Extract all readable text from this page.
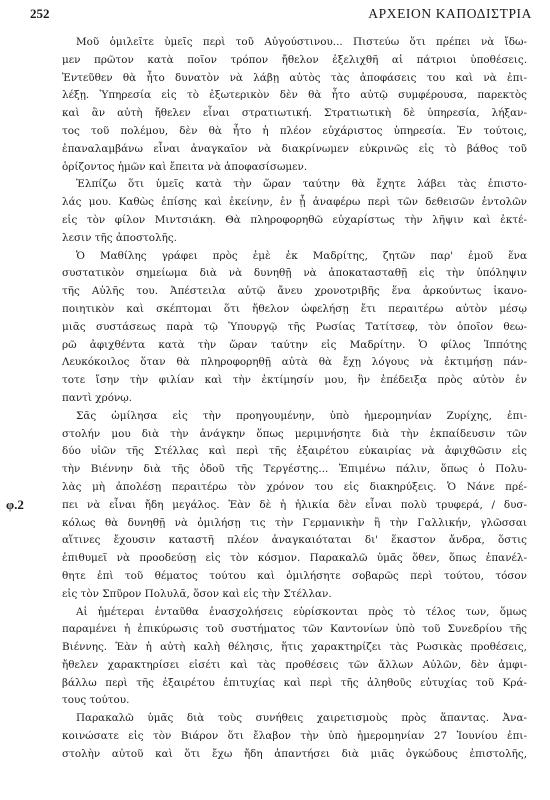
252	ΑΡΧΕΙΟΝ ΚΑΠΟΔΙΣΤΡΙΑ
φ.2
Μοῦ ὁμιλεῖτε ὑμεῖς περὶ τοῦ Αὐγούστινου... Πιστεύω ὅτι πρέπει νὰ ἴδω-
μεν πρῶτον κατὰ ποῖον τρόπον ἤθελον ἐξελιχθῆ αἱ πάτριοι ὑποθέσεις.
Ἐντεῦθεν θὰ ἦτο δυνατὸν νὰ λάβῃ αὐτὸς τὰς ἀποφάσεις του καὶ νὰ ἐπι-
λέξῃ. Ὑπηρεσία εἰς τὸ ἐξωτερικὸν δὲν θὰ ἦτο αὐτῷ συμφέρουσα, παρεκτὸς
καὶ ἂν αὐτὴ ἤθελεν εἶναι στρατιωτική. Στρατιωτικὴ δὲ ὑπηρεσία, λήξαν-
τος τοῦ πολέμου, δὲν θὰ ἦτο ἡ πλέον εὐχάριστος ὑπηρεσία. Ἐν τούτοις,
ἐπαναλαμβάνω εἶναι ἀναγκαῖον νὰ διακρίνωμεν εὐκρινῶς εἰς τὸ βάθος τοῦ
ὁρίζοντος ἡμῶν καὶ ἔπειτα νὰ ἀποφασίσωμεν.
Ἐλπίζω ὅτι ὑμεῖς κατὰ τὴν ὥραν ταύτην θὰ ἔχητε λάβει τὰς ἐπιστο-
λάς μου. Καθὼς ἐπίσης καὶ ἐκείνην, ἐν ᾗ ἀναφέρω περὶ τῶν δεθεισῶν ἐντολῶν
εἰς τὸν φίλον Μιντσιάκη. Θὰ πληροφορηθῶ εὐχαρίστως τὴν λῆψιν καὶ ἐκτέ-
λεσιν τῆς ἀποστολῆς.
Ὁ Μαθίλης γράφει πρὸς ἐμὲ ἐκ Μαδρίτης, ζητῶν παρ' ἐμοῦ ἕνα
συστατικὸν σημείωμα διὰ νὰ δυνηθῇ νὰ ἀποκατασταθῇ εἰς τὴν ὑπόληψιν
τῆς Αὐλῆς του. Ἀπέστειλα αὐτῷ ἄνευ χρονοτριβῆς ἕνα ἀρκούντως ἱκανο-
ποιητικὸν καὶ σκέπτομαι ὅτι ἤθελον ὠφελήσῃ ἔτι περαιτέρω αὐτὸν μέσῳ
μιᾶς συστάσεως παρὰ τῷ Ὑπουργῷ τῆς Ρωσίας Τατίτσεφ, τὸν ὁποῖον θεω-
ρῶ ἀφιχθέντα κατὰ τὴν ὥραν ταύτην εἰς Μαδρίτην. Ὁ φίλος Ἱππότης
Λευκόκοιλος ὅταν θὰ πληροφορηθῇ αὐτὰ θὰ ἔχῃ λόγους νὰ ἐκτιμήσῃ πάν-
τοτε ἴσην τὴν φιλίαν καὶ τὴν ἐκτίμησίν μου, ἣν ἐπέδειξα πρὸς αὐτὸν ἐν
παντὶ χρόνῳ.
Σᾶς ὡμίλησα εἰς τὴν προηγουμένην, ὑπὸ ἡμερομηνίαν Ζυρίχης, ἐπι-
στολήν μου διὰ τὴν ἀνάγκην ὅπως μεριμνήσητε διὰ τὴν ἐκπαίδευσιν τῶν
δύο υἱῶν τῆς Στέλλας καὶ περὶ τῆς ἐξαιρέτου εὐκαιρίας νὰ ἀφιχθῶσιν εἰς
τὴν Βιέννην διὰ τῆς ὁδοῦ τῆς Τεργέστης... Ἐπιμένω πάλιν, ὅπως ὁ Πολυ-
λὰς μὴ ἀπολέσῃ περαιτέρω τὸν χρόνον του εἰς διακηρύξεις. Ὁ Νάνε πρέ-
πει νὰ εἶναι ἤδη μεγάλος. Ἐὰν δὲ ἡ ἡλικία δὲν εἶναι πολὺ τρυφερά, / δυσ-
κόλως θὰ δυνηθῇ νὰ ὁμιλήσῃ τις τὴν Γερμανικὴν ἢ τὴν Γαλλικήν, γλῶσσαι
αἵτινες ἔχουσιν καταστῆ πλέον ἀναγκαιόταται δι' ἕκαστον ἄνδρα, ὅστις
ἐπιθυμεῖ νὰ προοδεύσῃ εἰς τὸν κόσμον. Παρακαλῶ ὑμᾶς ὅθεν, ὅπως ἐπανέλ-
θητε ἐπὶ τοῦ θέματος τούτου καὶ ὁμιλήσητε σοβαρῶς περὶ τούτου, τόσον
εἰς τὸν Σπῦρον Πολυλᾶ, ὅσον καὶ εἰς τὴν Στέλλαν.
Αἱ ἡμέτεραι ἐνταῦθα ἐνασχολήσεις εὑρίσκονται πρὸς τὸ τέλος των, ὅμως
παραμένει ἡ ἐπικύρωσις τοῦ συστήματος τῶν Καντονίων ὑπὸ τοῦ Συνεδρίου τῆς
Βιέννης. Ἐὰν ἡ αὐτὴ καλὴ θέλησις, ἥτις χαρακτηρίζει τὰς Ρωσικὰς προθέσεις,
ἤθελεν χαρακτηρίσει εἰσέτι καὶ τὰς προθέσεις τῶν ἄλλων Αὐλῶν, δὲν ἀμφι-
βάλλω περὶ τῆς ἐξαιρέτου ἐπιτυχίας καὶ περὶ τῆς ἀληθοῦς εὐτυχίας τοῦ Κρά-
τους τούτου.
Παρακαλῶ ὑμᾶς διὰ τοὺς συνήθεις χαιρετισμοὺς πρὸς ἅπαντας. Ἀνα-
κοινώσατε εἰς τὸν Βιάρον ὅτι ἔλαβον τὴν ὑπὸ ἡμερομηνίαν 27 Ἰουνίου ἐπι-
στολὴν αὐτοῦ καὶ ὅτι ἔχω ἤδη ἀπαντήσει διὰ μιᾶς ὀγκώδους ἐπιστολῆς,
